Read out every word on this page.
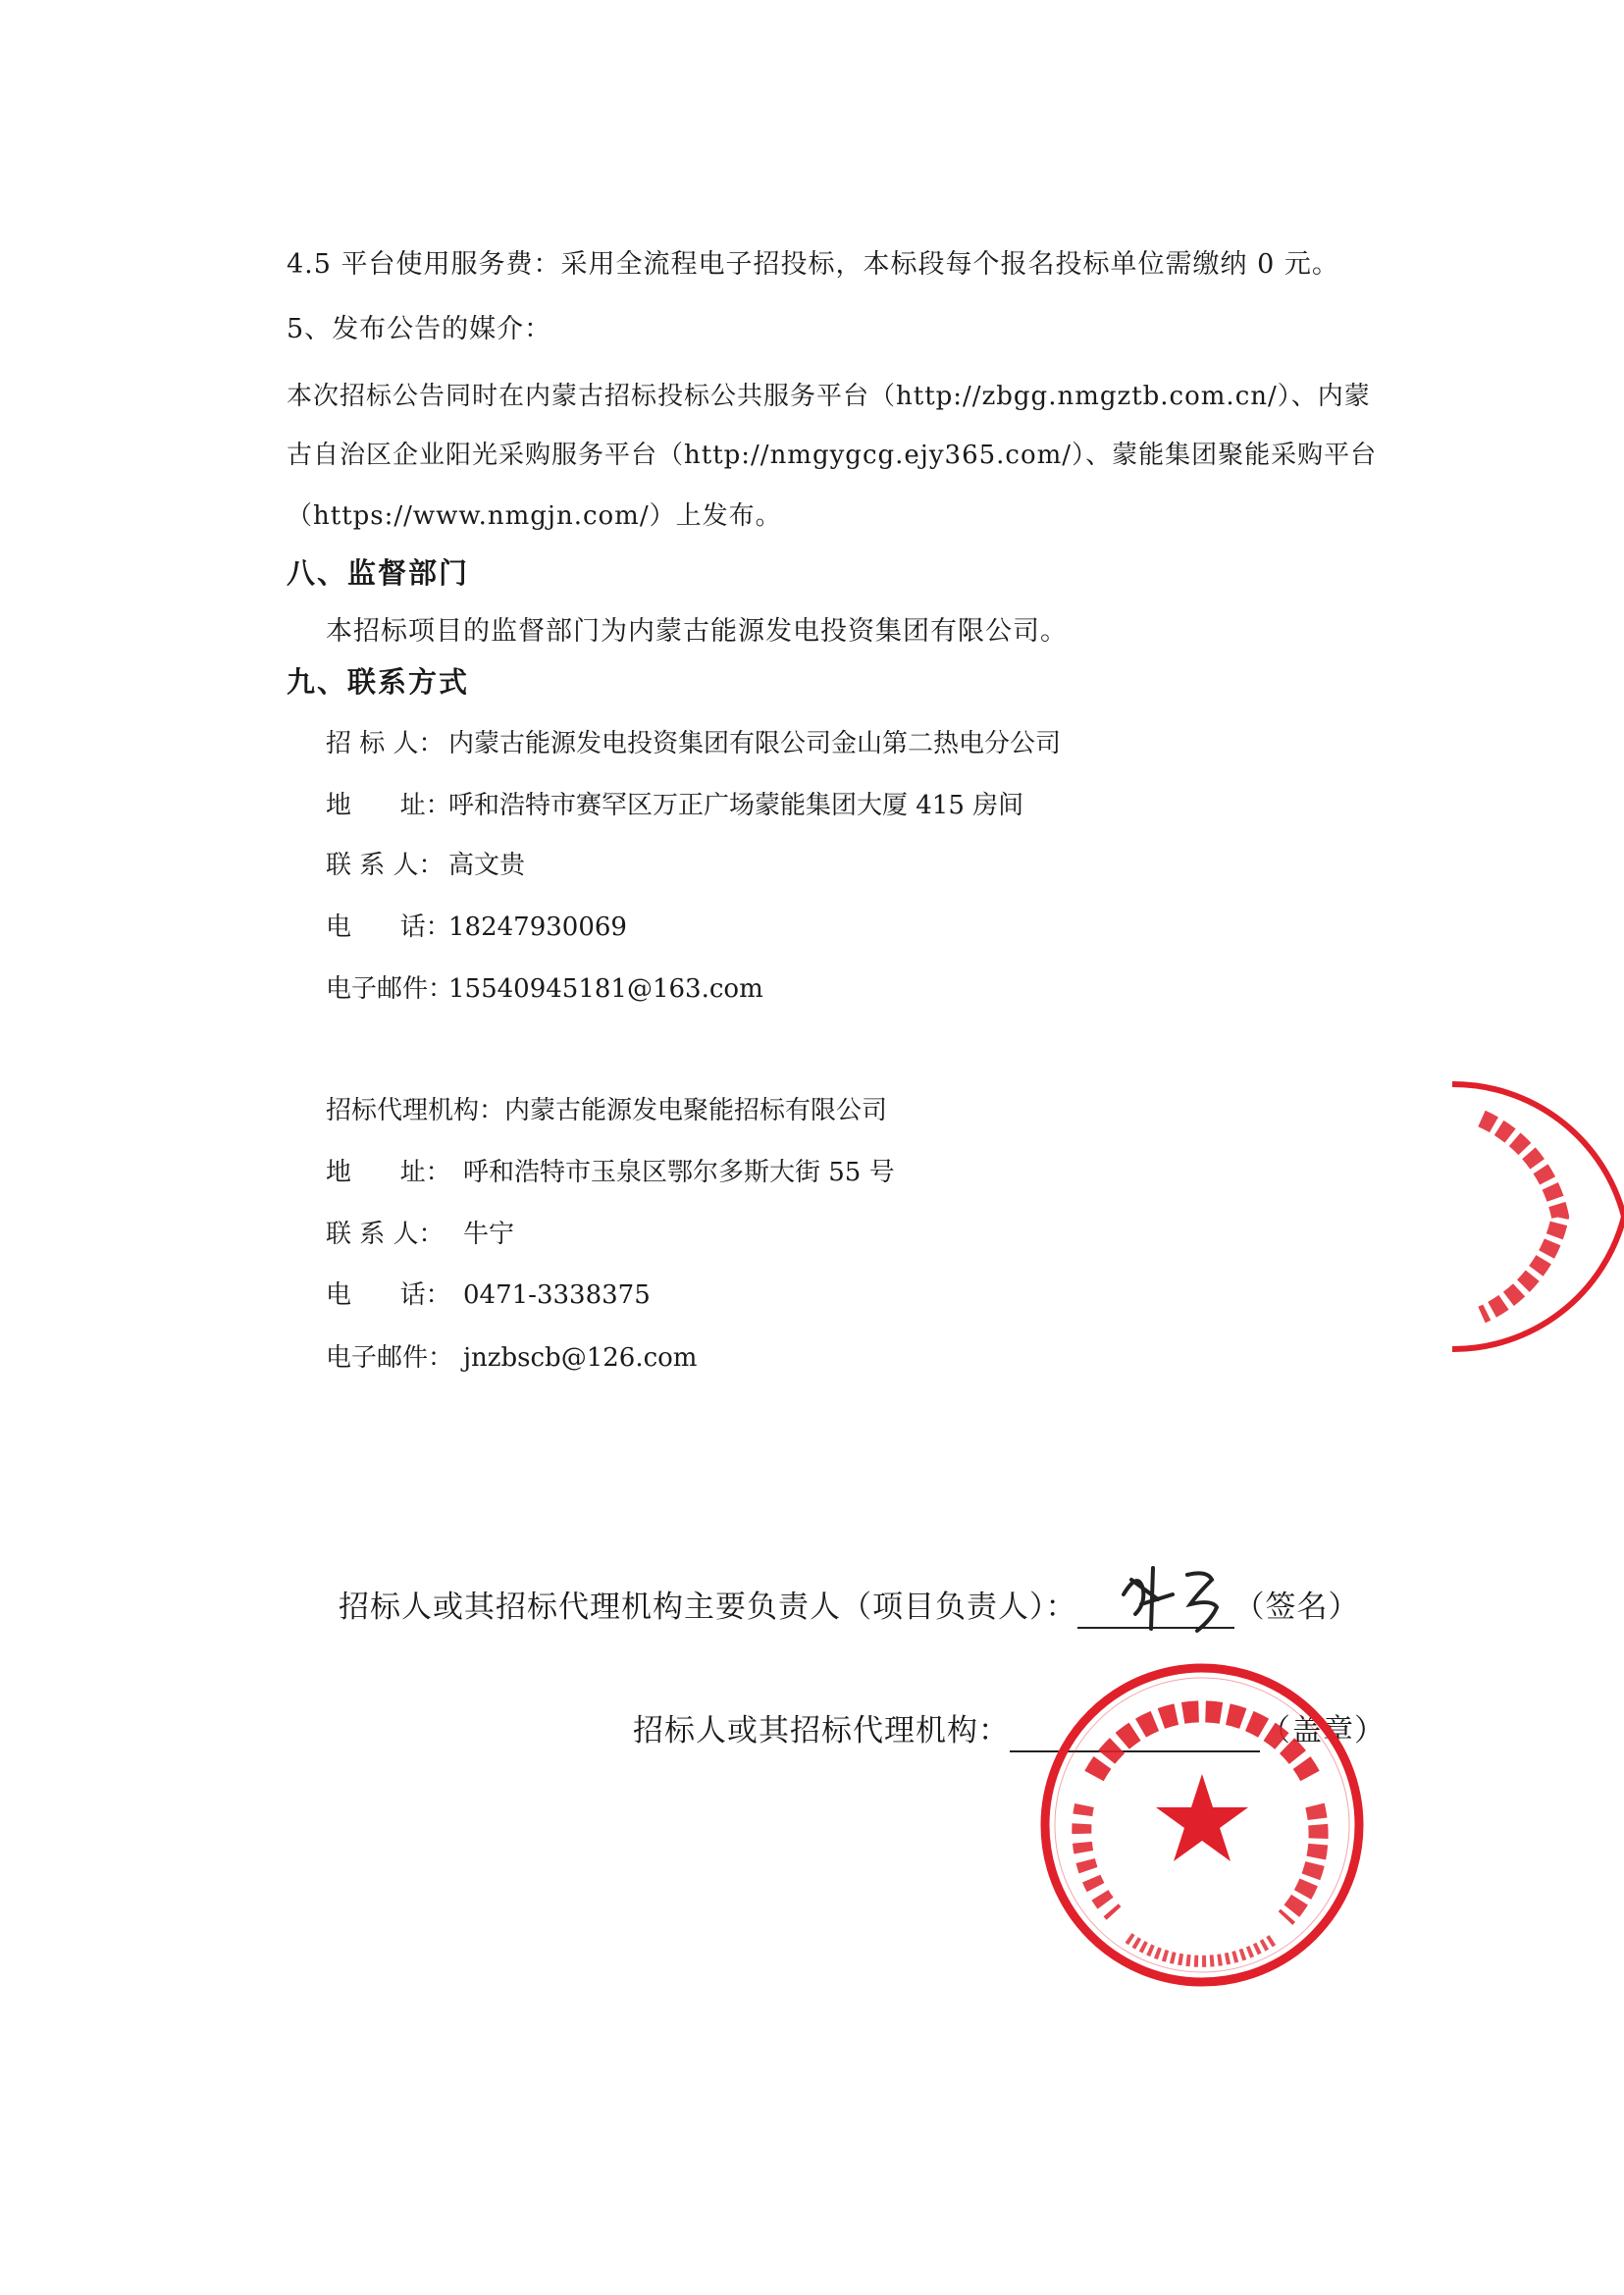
4.5 平台使用服务费：采用全流程电子招投标，本标段每个报名投标单位需缴纳 0 元。
5、发布公告的媒介：
本次招标公告同时在内蒙古招标投标公共服务平台（http://zbgg.nmgztb.com.cn/）、内蒙
古自治区企业阳光采购服务平台（http://nmgygcg.ejy365.com/）、蒙能集团聚能采购平台
（https://www.nmgjn.com/）上发布。
八、监督部门
本招标项目的监督部门为内蒙古能源发电投资集团有限公司。
九、联系方式
招 标 人： 内蒙古能源发电投资集团有限公司金山第二热电分公司
地      址：呼和浩特市赛罕区万正广场蒙能集团大厦 415 房间
联 系 人： 高文贵
电      话：18247930069
电子邮件：15540945181@163.com
招标代理机构：内蒙古能源发电聚能招标有限公司
地      址： 呼和浩特市玉泉区鄂尔多斯大街 55 号
联 系 人： 牛宁
电      话： 0471-3338375
电子邮件： jnzbscb@126.com
招标人或其招标代理机构主要负责人（项目负责人）：	（签名）
招标人或其招标代理机构：	（盖章）
